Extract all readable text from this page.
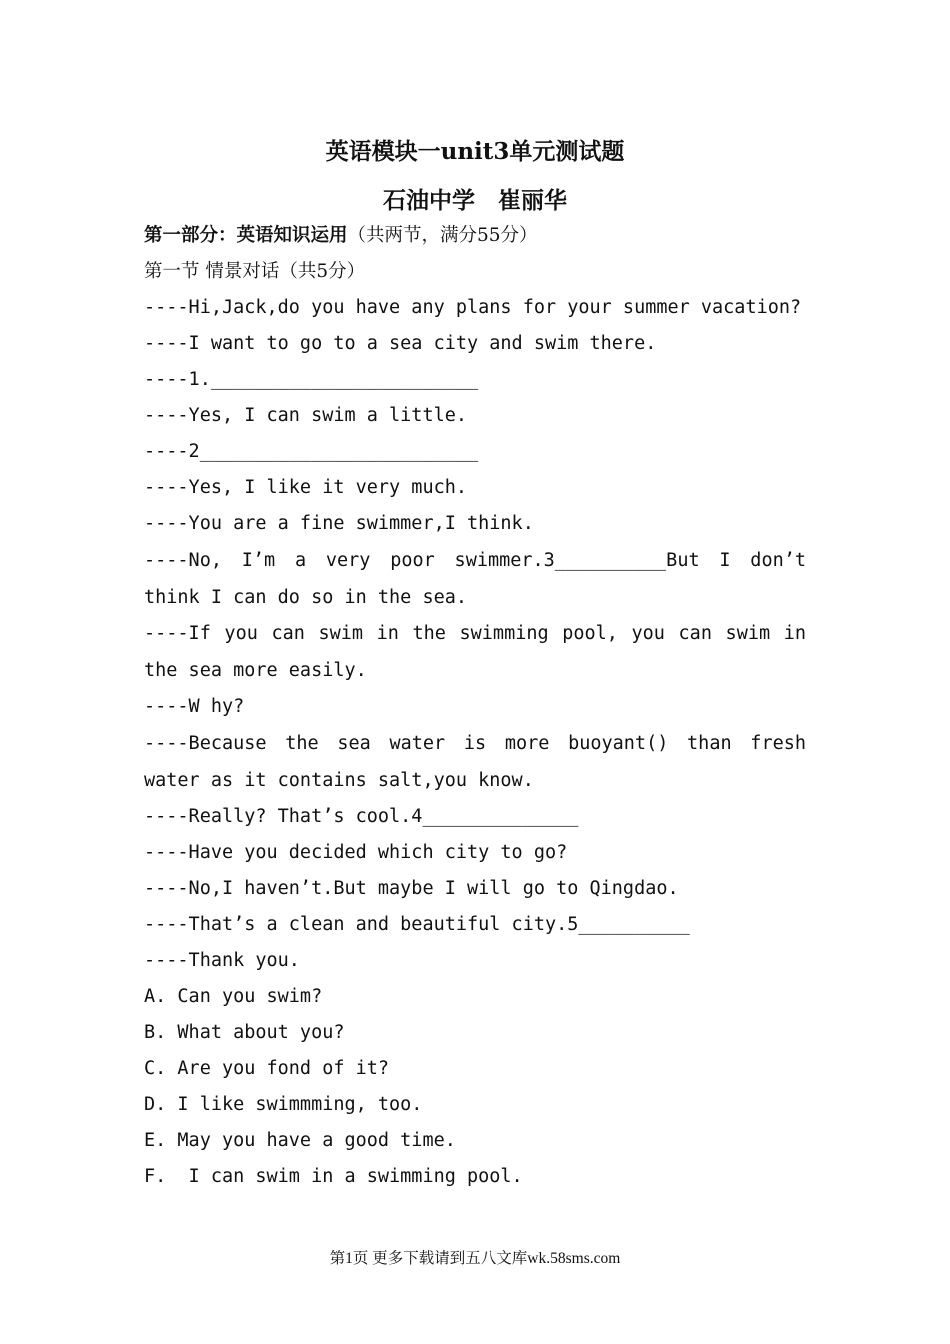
英语模块一unit3单元测试题
石油中学　崔丽华
第一部分：英语知识运用（共两节，满分55分）
第一节 情景对话（共5分）
----Hi,Jack,do you have any plans for your summer vacation?
----I want to go to a sea city and swim there.
----1.________________________
----Yes, I can swim a little.
----2_________________________
----Yes, I like it very much.
----You are a fine swimmer,I think.
----No, I’m a very poor swimmer.3__________But I don’t
think I can do so in the sea.
----If you can swim in the swimming pool, you can swim in
the sea more easily.
----W hy?
----Because the sea water is more buoyant() than fresh
water as it contains salt,you know.
----Really? That’s cool.4______________
----Have you decided which city to go?
----No,I haven’t.But maybe I will go to Qingdao.
----That’s a clean and beautiful city.5__________
----Thank you.
A. Can you swim?
B. What about you?
C. Are you fond of it?
D. I like swimmming, too.
E. May you have a good time.
F.  I can swim in a swimming pool.
第1页 更多下载请到五八文库wk.58sms.com
